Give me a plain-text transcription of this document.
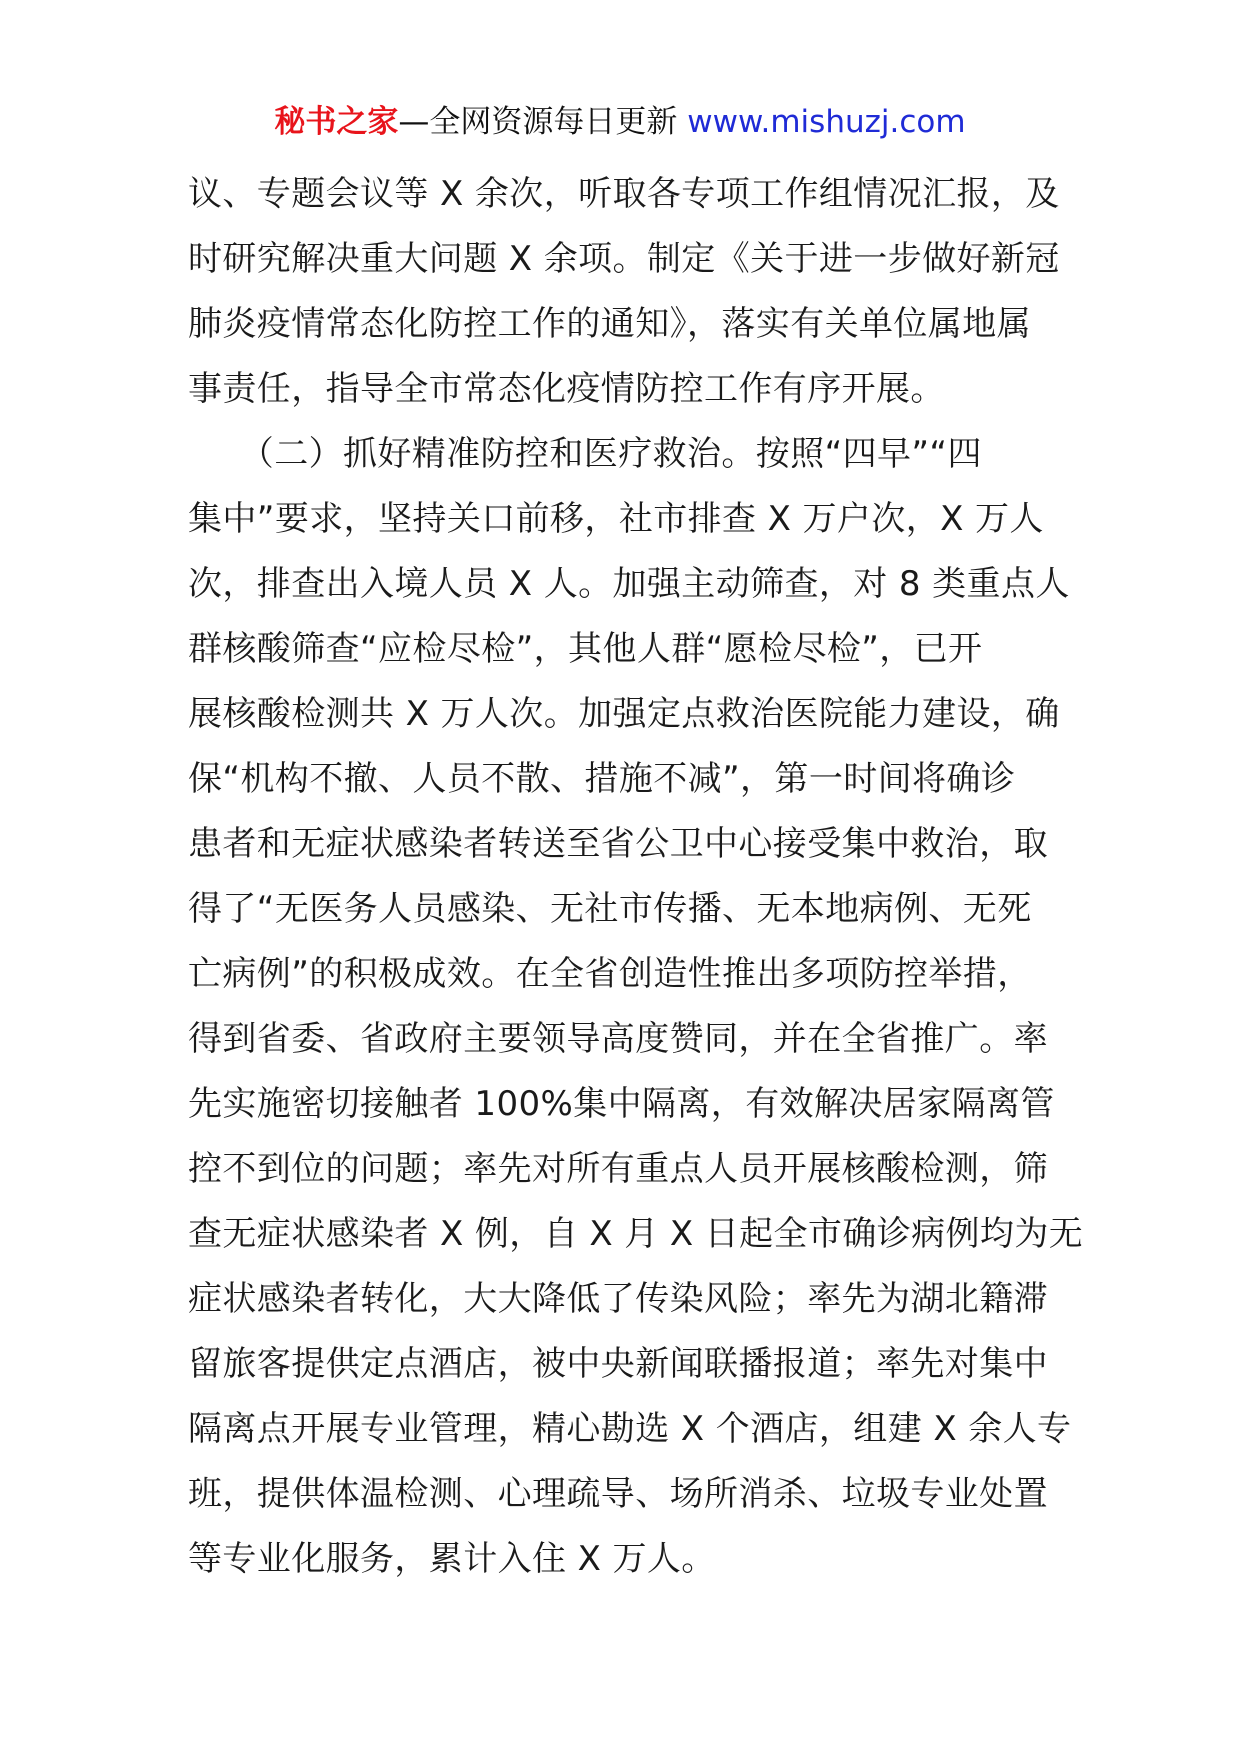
秘书之家—全网资源每日更新 www.mishuzj.com
议、专题会议等 X 余次，听取各专项工作组情况汇报，及
时研究解决重大问题 X 余项。制定《关于进一步做好新冠
肺炎疫情常态化防控工作的通知》，落实有关单位属地属
事责任，指导全市常态化疫情防控工作有序开展。
　　（二）抓好精准防控和医疗救治。按照“四早”“四
集中”要求，坚持关口前移，社市排查 X 万户次，X 万人
次，排查出入境人员 X 人。加强主动筛查，对 8 类重点人
群核酸筛查“应检尽检”，其他人群“愿检尽检”，已开
展核酸检测共 X 万人次。加强定点救治医院能力建设，确
保“机构不撤、人员不散、措施不减”，第一时间将确诊
患者和无症状感染者转送至省公卫中心接受集中救治，取
得了“无医务人员感染、无社市传播、无本地病例、无死
亡病例”的积极成效。在全省创造性推出多项防控举措，
得到省委、省政府主要领导高度赞同，并在全省推广。率
先实施密切接触者 100%集中隔离，有效解决居家隔离管
控不到位的问题；率先对所有重点人员开展核酸检测，筛
查无症状感染者 X 例，自 X 月 X 日起全市确诊病例均为无
症状感染者转化，大大降低了传染风险；率先为湖北籍滞
留旅客提供定点酒店，被中央新闻联播报道；率先对集中
隔离点开展专业管理，精心勘选 X 个酒店，组建 X 余人专
班，提供体温检测、心理疏导、场所消杀、垃圾专业处置
等专业化服务，累计入住 X 万人。
